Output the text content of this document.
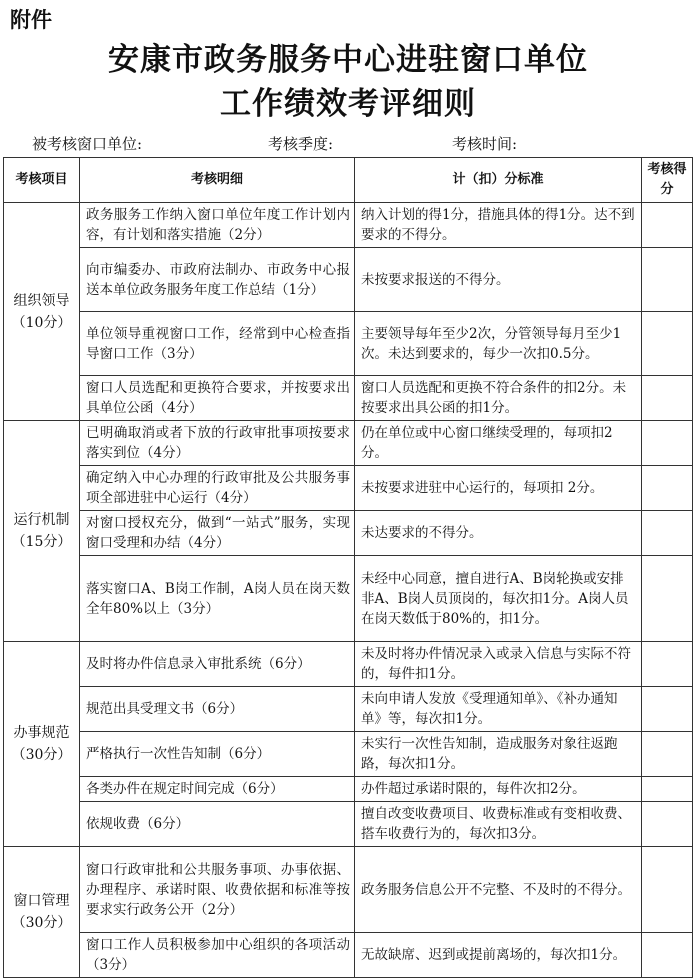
附件
安康市政务服务中心进驻窗口单位
工作绩效考评细则
被考核窗口单位:	考核季度:	考核时间:
考核项目	考核明细	计（扣）分标准	考核得分

组织领导
（10分）	政务服务工作纳入窗口单位年度工作计划内容，有计划和落实措施（2分）	纳入计划的得1分，措施具体的得1分。达不到要求的不得分。	
	向市编委办、市政府法制办、市政务中心报送本单位政务服务年度工作总结（1分）	未按要求报送的不得分。	
	单位领导重视窗口工作，经常到中心检查指导窗口工作（3分）	主要领导每年至少2次，分管领导每月至少1次。未达到要求的，每少一次扣0.5分。	
	窗口人员选配和更换符合要求，并按要求出具单位公函（4分）	窗口人员选配和更换不符合条件的扣2分。未按要求出具公函的扣1分。	

运行机制
（15分）	已明确取消或者下放的行政审批事项按要求落实到位（4分）	仍在单位或中心窗口继续受理的，每项扣2分。	
	确定纳入中心办理的行政审批及公共服务事项全部进驻中心运行（4分）	未按要求进驻中心运行的，每项扣 2分。	
	对窗口授权充分，做到“一站式”服务，实现窗口受理和办结（4分）	未达要求的不得分。	
	落实窗口A、B岗工作制，A岗人员在岗天数全年80%以上（3分）	未经中心同意，擅自进行A、B岗轮换或安排非A、B岗人员顶岗的，每次扣1分。A岗人员在岗天数低于80%的，扣1分。	

办事规范
（30分）	及时将办件信息录入审批系统（6分）	未及时将办件情况录入或录入信息与实际不符的，每件扣1分。	
	规范出具受理文书（6分）	未向申请人发放《受理通知单》、《补办通知单》等，每次扣1分。	
	严格执行一次性告知制（6分）	未实行一次性告知制，造成服务对象往返跑路，每次扣1分。	
	各类办件在规定时间完成（6分）	办件超过承诺时限的，每件次扣2分。	
	依规收费（6分）	擅自改变收费项目、收费标准或有变相收费、搭车收费行为的，每次扣3分。	

窗口管理
（30分）	窗口行政审批和公共服务事项、办事依据、办理程序、承诺时限、收费依据和标准等按要求实行政务公开（2分）	政务服务信息公开不完整、不及时的不得分。	
	窗口工作人员积极参加中心组织的各项活动（3分）	无故缺席、迟到或提前离场的，每次扣1分。	
